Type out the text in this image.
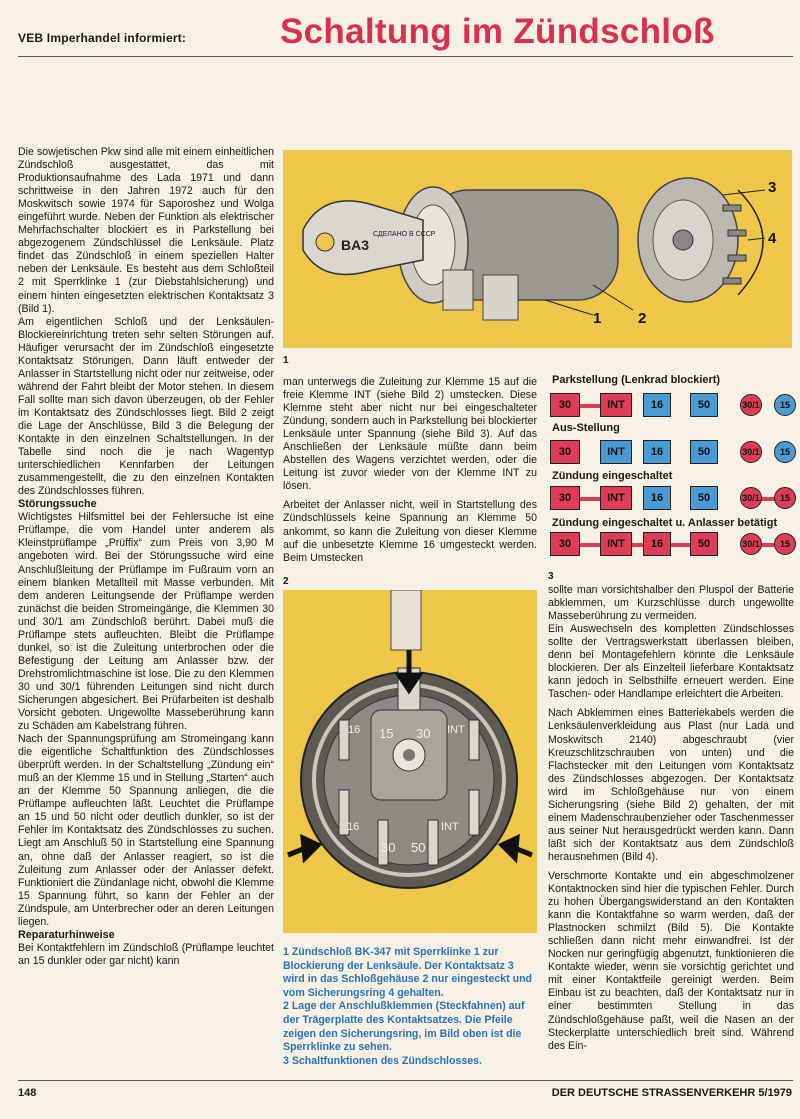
VEB Imperhandel informiert:	Schaltung im Zündschloß

Die sowjetischen Pkw sind alle mit einem einheitlichen Zündschloß ausgestattet, das mit Produktionsaufnahme des Lada 1971 und dann schrittweise in den Jahren 1972 auch für den Moskwitsch sowie 1974 für Saporoshez und Wolga eingeführt wurde. Neben der Funktion als elektrischer Mehrfachschalter blockiert es in Parkstellung bei abgezogenem Zündschlüssel die Lenksäule. Platz findet das Zündschloß in einem speziellen Halter neben der Lenksäule. Es besteht aus dem Schloßteil 2 mit Sperrklinke 1 (zur Diebstahlsicherung) und einem hinten eingesetzten elektrischen Kontaktsatz 3 (Bild 1).

Am eigentlichen Schloß und der Lenksäulen-Blockiereinrichtung treten sehr selten Störungen auf. Häufiger verursacht der im Zündschloß eingesetzte Kontaktsatz Störungen. Dann läuft entweder der Anlasser in Startstellung nicht oder nur zeitweise, oder während der Fahrt bleibt der Motor stehen. In diesem Fall sollte man sich davon überzeugen, ob der Fehler im Kontaktsatz des Zündschlosses liegt. Bild 2 zeigt die Lage der Anschlüsse, Bild 3 die Belegung der Kontakte in den einzelnen Schaltstellungen. In der Tabelle sind noch die je nach Wagentyp unterschiedlichen Kennfarben der Leitungen zusammengestellt, die zu den einzelnen Kontakten des Zündschlosses führen.

Störungssuche

Wichtigstes Hilfsmittel bei der Fehlersuche ist eine Prüflampe, die vom Handel unter anderem als Kleinstprüflampe „Prüffix“ zum Preis von 3,90 M angeboten wird. Bei der Störungssuche wird eine Anschlußleitung der Prüflampe im Fußraum vorn an einem blanken Metallteil mit Masse verbunden. Mit dem anderen Leitungsende der Prüflampe werden zunächst die beiden Stromeingänge, die Klemmen 30 und 30/1 am Zündschloß berührt. Dabei muß die Prüflampe stets aufleuchten. Bleibt die Prüflampe dunkel, so ist die Zuleitung unterbrochen oder die Befestigung der Leitung am Anlasser bzw. der Drehstromlichtmaschine ist lose. Die zu den Klemmen 30 und 30/1 führenden Leitungen sind nicht durch Sicherungen abgesichert. Bei Prüfarbeiten ist deshalb Vorsicht geboten. Ungewollte Masseberührung kann zu Schäden am Kabelstrang führen.

Nach der Spannungsprüfung am Stromeingang kann die eigentliche Schaltfunktion des Zündschlosses überprüft werden. In der Schaltstellung „Zündung ein“ muß an der Klemme 15 und in Stellung „Starten“ auch an der Klemme 50 Spannung anliegen, die die Prüflampe aufleuchten läßt. Leuchtet die Prüflampe an 15 und 50 nicht oder deutlich dunkler, so ist der Fehler im Kontaktsatz des Zündschlosses zu suchen. Liegt am Anschluß 50 in Startstellung eine Spannung an, ohne daß der Anlasser reagiert, so ist die Zuleitung zum Anlasser oder der Anlasser defekt. Funktioniert die Zündanlage nicht, obwohl die Klemme 15 Spannung führt, so kann der Fehler an der Zündspule, am Unterbrecher oder an deren Leitungen liegen.

Reparaturhinweise

Bei Kontaktfehlern im Zündschloß (Prüflampe leuchtet an 15 dunkler oder gar nicht) kann

BA3
СДЕЛАНО В СССР
1 2
3
4
1

man unterwegs die Zuleitung zur Klemme 15 auf die freie Klemme INT (siehe Bild 2) umstecken. Diese Klemme steht aber nicht nur bei eingeschalteter Zündung, sondern auch in Parkstellung bei blockierter Lenksäule unter Spannung (siehe Bild 3). Auf das Anschließen der Lenksäule müßte dann beim Abstellen des Wagens verzichtet werden, oder die Leitung ist zuvor wieder von der Klemme INT zu lösen.

Arbeitet der Anlasser nicht, weil in Startstellung des Zündschlüssels keine Spannung an Klemme 50 ankommt, so kann die Zuleitung von dieser Klemme auf die unbesetzte Klemme 16 umgesteckt werden. Beim Umstecken

2
15 30
16	INT
16	INT
30 50

1 Zündschloß BK-347 mit Sperrklinke 1 zur Blockierung der Lenksäule. Der Kontaktsatz 3 wird in das Schloßgehäuse 2 nur eingesteckt und vom Sicherungsring 4 gehalten.

2 Lage der Anschlußklemmen (Steckfahnen) auf der Trägerplatte des Kontaktsatzes. Die Pfeile zeigen den Sicherungsring, im Bild oben ist die Sperrklinke zu sehen.

3 Schaltfunktionen des Zündschlosses.

Parkstellung (Lenkrad blockiert)
30	INT	16	50	30/1	15
Aus-Stellung
30	INT	16	50	30/1	15
Zündung eingeschaltet
30	INT	16	50	30/1	15
Zündung eingeschaltet u. Anlasser betätigt
30	INT	16	50	30/1	15
3

sollte man vorsichtshalber den Pluspol der Batterie abklemmen, um Kurzschlüsse durch ungewollte Masseberührung zu vermeiden.

Ein Auswechseln des kompletten Zündschlosses sollte der Vertragswerkstatt überlassen bleiben, denn bei Montagefehlern könnte die Lenksäule blockieren. Der als Einzelteil lieferbare Kontaktsatz kann jedoch in Selbsthilfe erneuert werden. Eine Taschen- oder Handlampe erleichtert die Arbeiten.

Nach Abklemmen eines Batteriekabels werden die Lenksäulenverkleidung aus Plast (nur Lada und Moskwitsch 2140) abgeschraubt (vier Kreuzschlitzschrauben von unten) und die Flachstecker mit den Leitungen vom Kontaktsatz des Zündschlosses abgezogen. Der Kontaktsatz wird im Schloßgehäuse nur von einem Sicherungsring (siehe Bild 2) gehalten, der mit einem Madenschraubenzieher oder Taschenmesser aus seiner Nut herausgedrückt werden kann. Dann läßt sich der Kontaktsatz aus dem Zündschloß herausnehmen (Bild 4).

Verschmorte Kontakte und ein abgeschmolzener Kontaktnocken sind hier die typischen Fehler. Durch zu hohen Übergangswiderstand an den Kontakten kann die Kontaktfahne so warm werden, daß der Plastnocken schmilzt (Bild 5). Die Kontakte schließen dann nicht mehr einwandfrei. Ist der Nocken nur geringfügig abgenutzt, funktionieren die Kontakte wieder, wenn sie vorsichtig gerichtet und mit einer Kontaktfeile gereinigt werden. Beim Einbau ist zu beachten, daß der Kontaktsatz nur in einer bestimmten Stellung in das Zündschloßgehäuse paßt, weil die Nasen an der Steckerplatte unterschiedlich breit sind. Während des Ein-

148	DER DEUTSCHE STRASSENVERKEHR 5/1979
